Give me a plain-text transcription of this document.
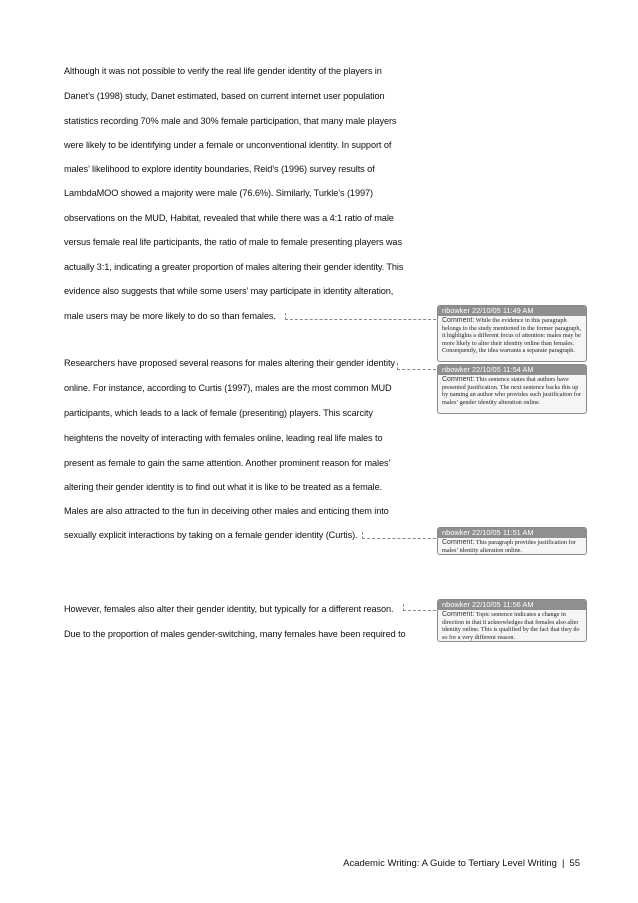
Although it was not possible to verify the real life gender identity of the players in

Danet’s (1998) study, Danet estimated, based on current internet user population

statistics recording 70% male and 30% female participation, that many male players

were likely to be identifying under a female or unconventional identity. In support of

males’ likelihood to explore identity boundaries, Reid’s (1996) survey results of

LambdaMOO showed a majority were male (76.6%). Similarly, Turkle’s (1997)

observations on the MUD, Habitat, revealed that while there was a 4:1 ratio of male

versus female real life participants, the ratio of male to female presenting players was

actually 3:1, indicating a greater proportion of males altering their gender identity. This

evidence also suggests that while some users’ may participate in identity alteration,

male users may be more likely to do so than females.

Researchers have proposed several reasons for males altering their gender identity

online. For instance, according to Curtis (1997), males are the most common MUD

participants, which leads to a lack of female (presenting) players. This scarcity

heightens the novelty of interacting with females online, leading real life males to

present as female to gain the same attention. Another prominent reason for males’

altering their gender identity is to find out what it is like to be treated as a female.

Males are also attracted to the fun in deceiving other males and enticing them into

sexually explicit interactions by taking on a female gender identity (Curtis).

However, females also alter their gender identity, but typically for a different reason.

Due to the proportion of males gender-switching, many females have been required to

nbowker 22/10/05 11:49 AM
Comment: While the evidence in this paragraph belongs to the study mentioned in the former paragraph, it highlights a different focus of attention: males may be more likely to alter their identity online than females. Consequently, the idea warrants a separate paragraph.
nbowker 22/10/05 11:54 AM
Comment: This sentence states that authors have presented justification. The next sentence backs this up by naming an author who provides such justification for males’ gender identity alteration online.
nbowker 22/10/05 11:51 AM
Comment: This paragraph provides justification for males’ identity alteration online.
nbowker 22/10/05 11:56 AM
Comment: Topic sentence indicates a change in direction in that it acknowledges that females also alter identity online. This is qualified by the fact that they do so for a very different reason.
Academic Writing: A Guide to Tertiary Level Writing | 55
